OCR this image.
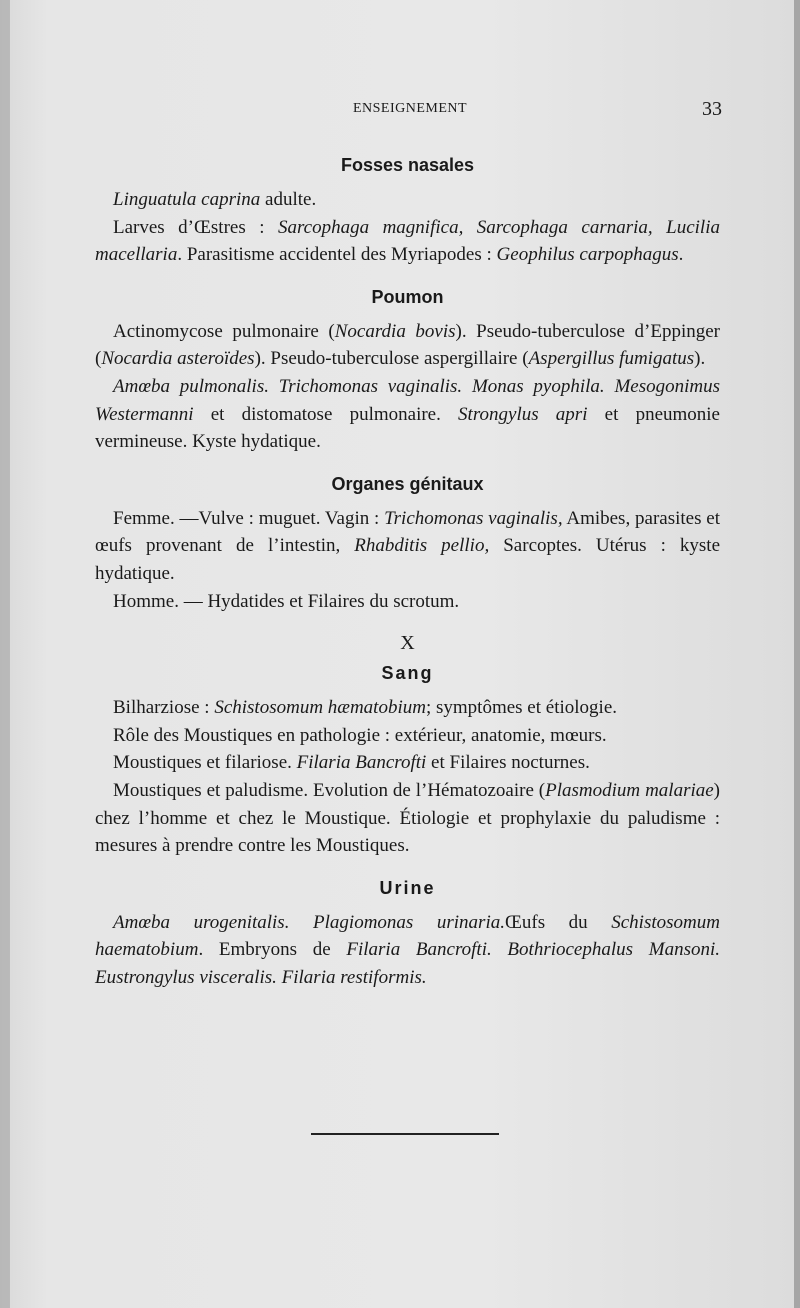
ENSEIGNEMENT	33
Fosses nasales

Linguatula caprina adulte.

Larves d’Œstres : Sarcophaga magnifica, Sarcophaga carnaria, Lucilia macellaria. Parasitisme accidentel des Myriapodes : Geophilus carpophagus.

Poumon

Actinomycose pulmonaire (Nocardia bovis). Pseudo-tuberculose d’Eppinger (Nocardia asteroïdes). Pseudo-tuberculose aspergillaire (Aspergillus fumigatus).

Amœba pulmonalis. Trichomonas vaginalis. Monas pyophila. Mesogonimus Westermanni et distomatose pulmonaire. Strongylus apri et pneumonie vermineuse. Kyste hydatique.

Organes génitaux

Femme. —Vulve : muguet. Vagin : Trichomonas vaginalis, Amibes, parasites et œufs provenant de l’intestin, Rhabditis pellio, Sarcoptes. Utérus : kyste hydatique.

Homme. — Hydatides et Filaires du scrotum.

X
Sang

Bilharziose : Schistosomum hæmatobium; symptômes et étiologie.

Rôle des Moustiques en pathologie : extérieur, anatomie, mœurs.

Moustiques et filariose. Filaria Bancrofti et Filaires nocturnes.

Moustiques et paludisme. Evolution de l’Hématozoaire (Plasmodium malariae) chez l’homme et chez le Moustique. Étiologie et prophylaxie du paludisme : mesures à prendre contre les Moustiques.

Urine

Amœba urogenitalis. Plagiomonas urinaria.Œufs du Schistosomum haematobium. Embryons de Filaria Bancrofti. Bothriocephalus Mansoni. Eustrongylus visceralis. Filaria restiformis.
